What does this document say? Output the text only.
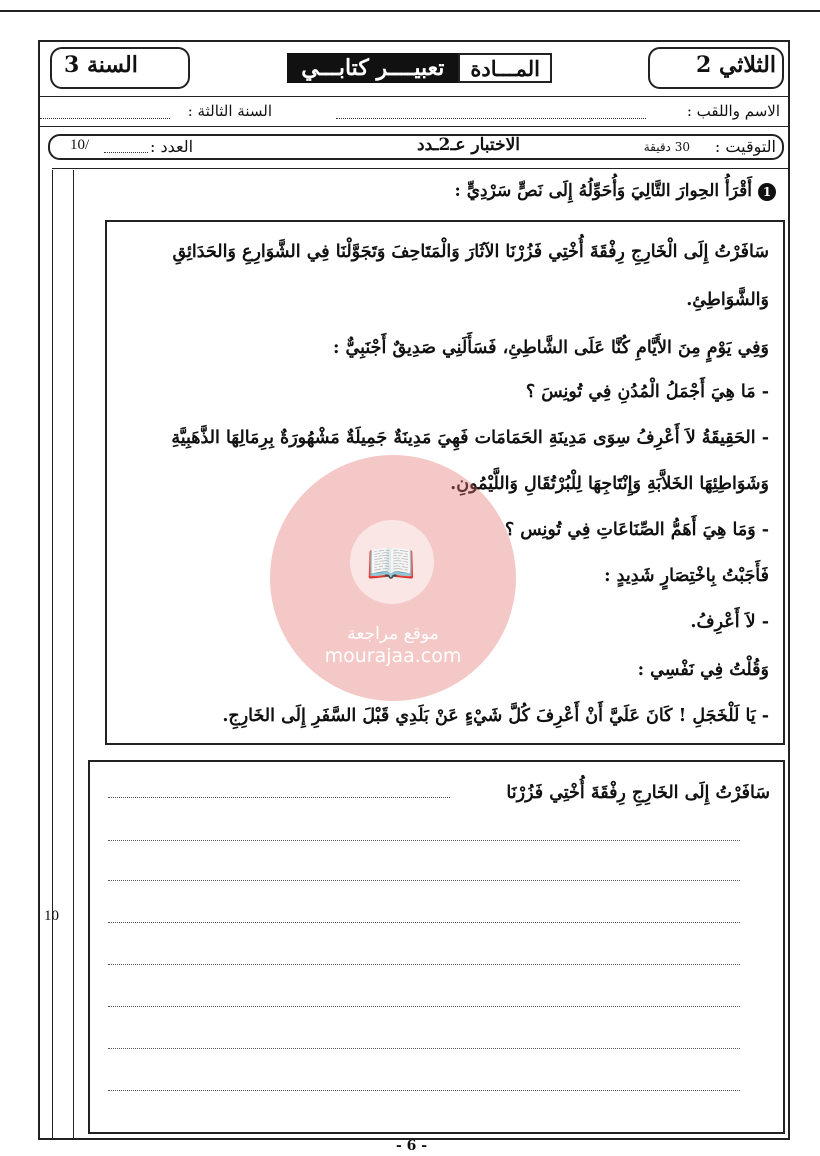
الثلاثي 2
السنة 3	المـــادة
تعبيــــر كتابـــي
الاسم واللقب :
السنة الثالثة :
التوقيت :
30 دقيقة
الاختبار عـ2ـدد
العدد :
10/
1أَقْرَأُ الحِوارَ التَّالِيَ وَأُحَوِّلُهُ إِلَى نَصٍّ سَرْدِيٍّ :
سَافَرْتُ إِلَى الْخَارِجِ رِفْقَةَ أُخْتِي فَزُرْنَا الآثَارَ وَالْمَتَاحِفَ وَتَجَوَّلْنَا فِي الشَّوَارِعِ وَالحَدَائِقِ
وَالشَّوَاطِئِ.
وَفِي يَوْمٍ مِنَ الأَيَّامِ كُنَّا عَلَى الشَّاطِئِ، فَسَأَلَنِي صَدِيقٌ أَجْنَبِيٌّ :
- مَا هِيَ أَجْمَلُ الْمُدُنِ فِي تُونِسَ ؟
- الحَقِيقَةُ لاَ أَعْرِفُ سِوَى مَدِينَةِ الحَمَامَات فَهِيَ مَدِينَةٌ جَمِيلَةٌ مَشْهُورَةٌ بِرِمَالِهَا الذَّهَبِيَّةِ
وَشَوَاطِئِهَا الخَلاَّبَةِ وَإِنْتَاجِهَا لِلْبُرْتُقَالِ وَاللَّيْمُونِ.
- وَمَا هِيَ أَهَمُّ الصِّنَاعَاتِ فِي تُونِس ؟
فَأَجَبْتُ بِاخْتِصَارٍ شَدِيدٍ :
- لاَ أَعْرِفُ.
وَقُلْتُ فِي نَفْسِي :
- يَا لَلْخَجَلِ ! كَانَ عَلَيَّ أَنْ أَعْرِفَ كُلَّ شَيْءٍ عَنْ بَلَدِي قَبْلَ السَّفَرِ إِلَى الخَارِجِ.
سَافَرْتُ إِلَى الخَارِجِ رِفْقَةَ أُخْتِي فَزُرْنَا
10
📖
موقع مراجعة
mourajaa.com
- 6 -
